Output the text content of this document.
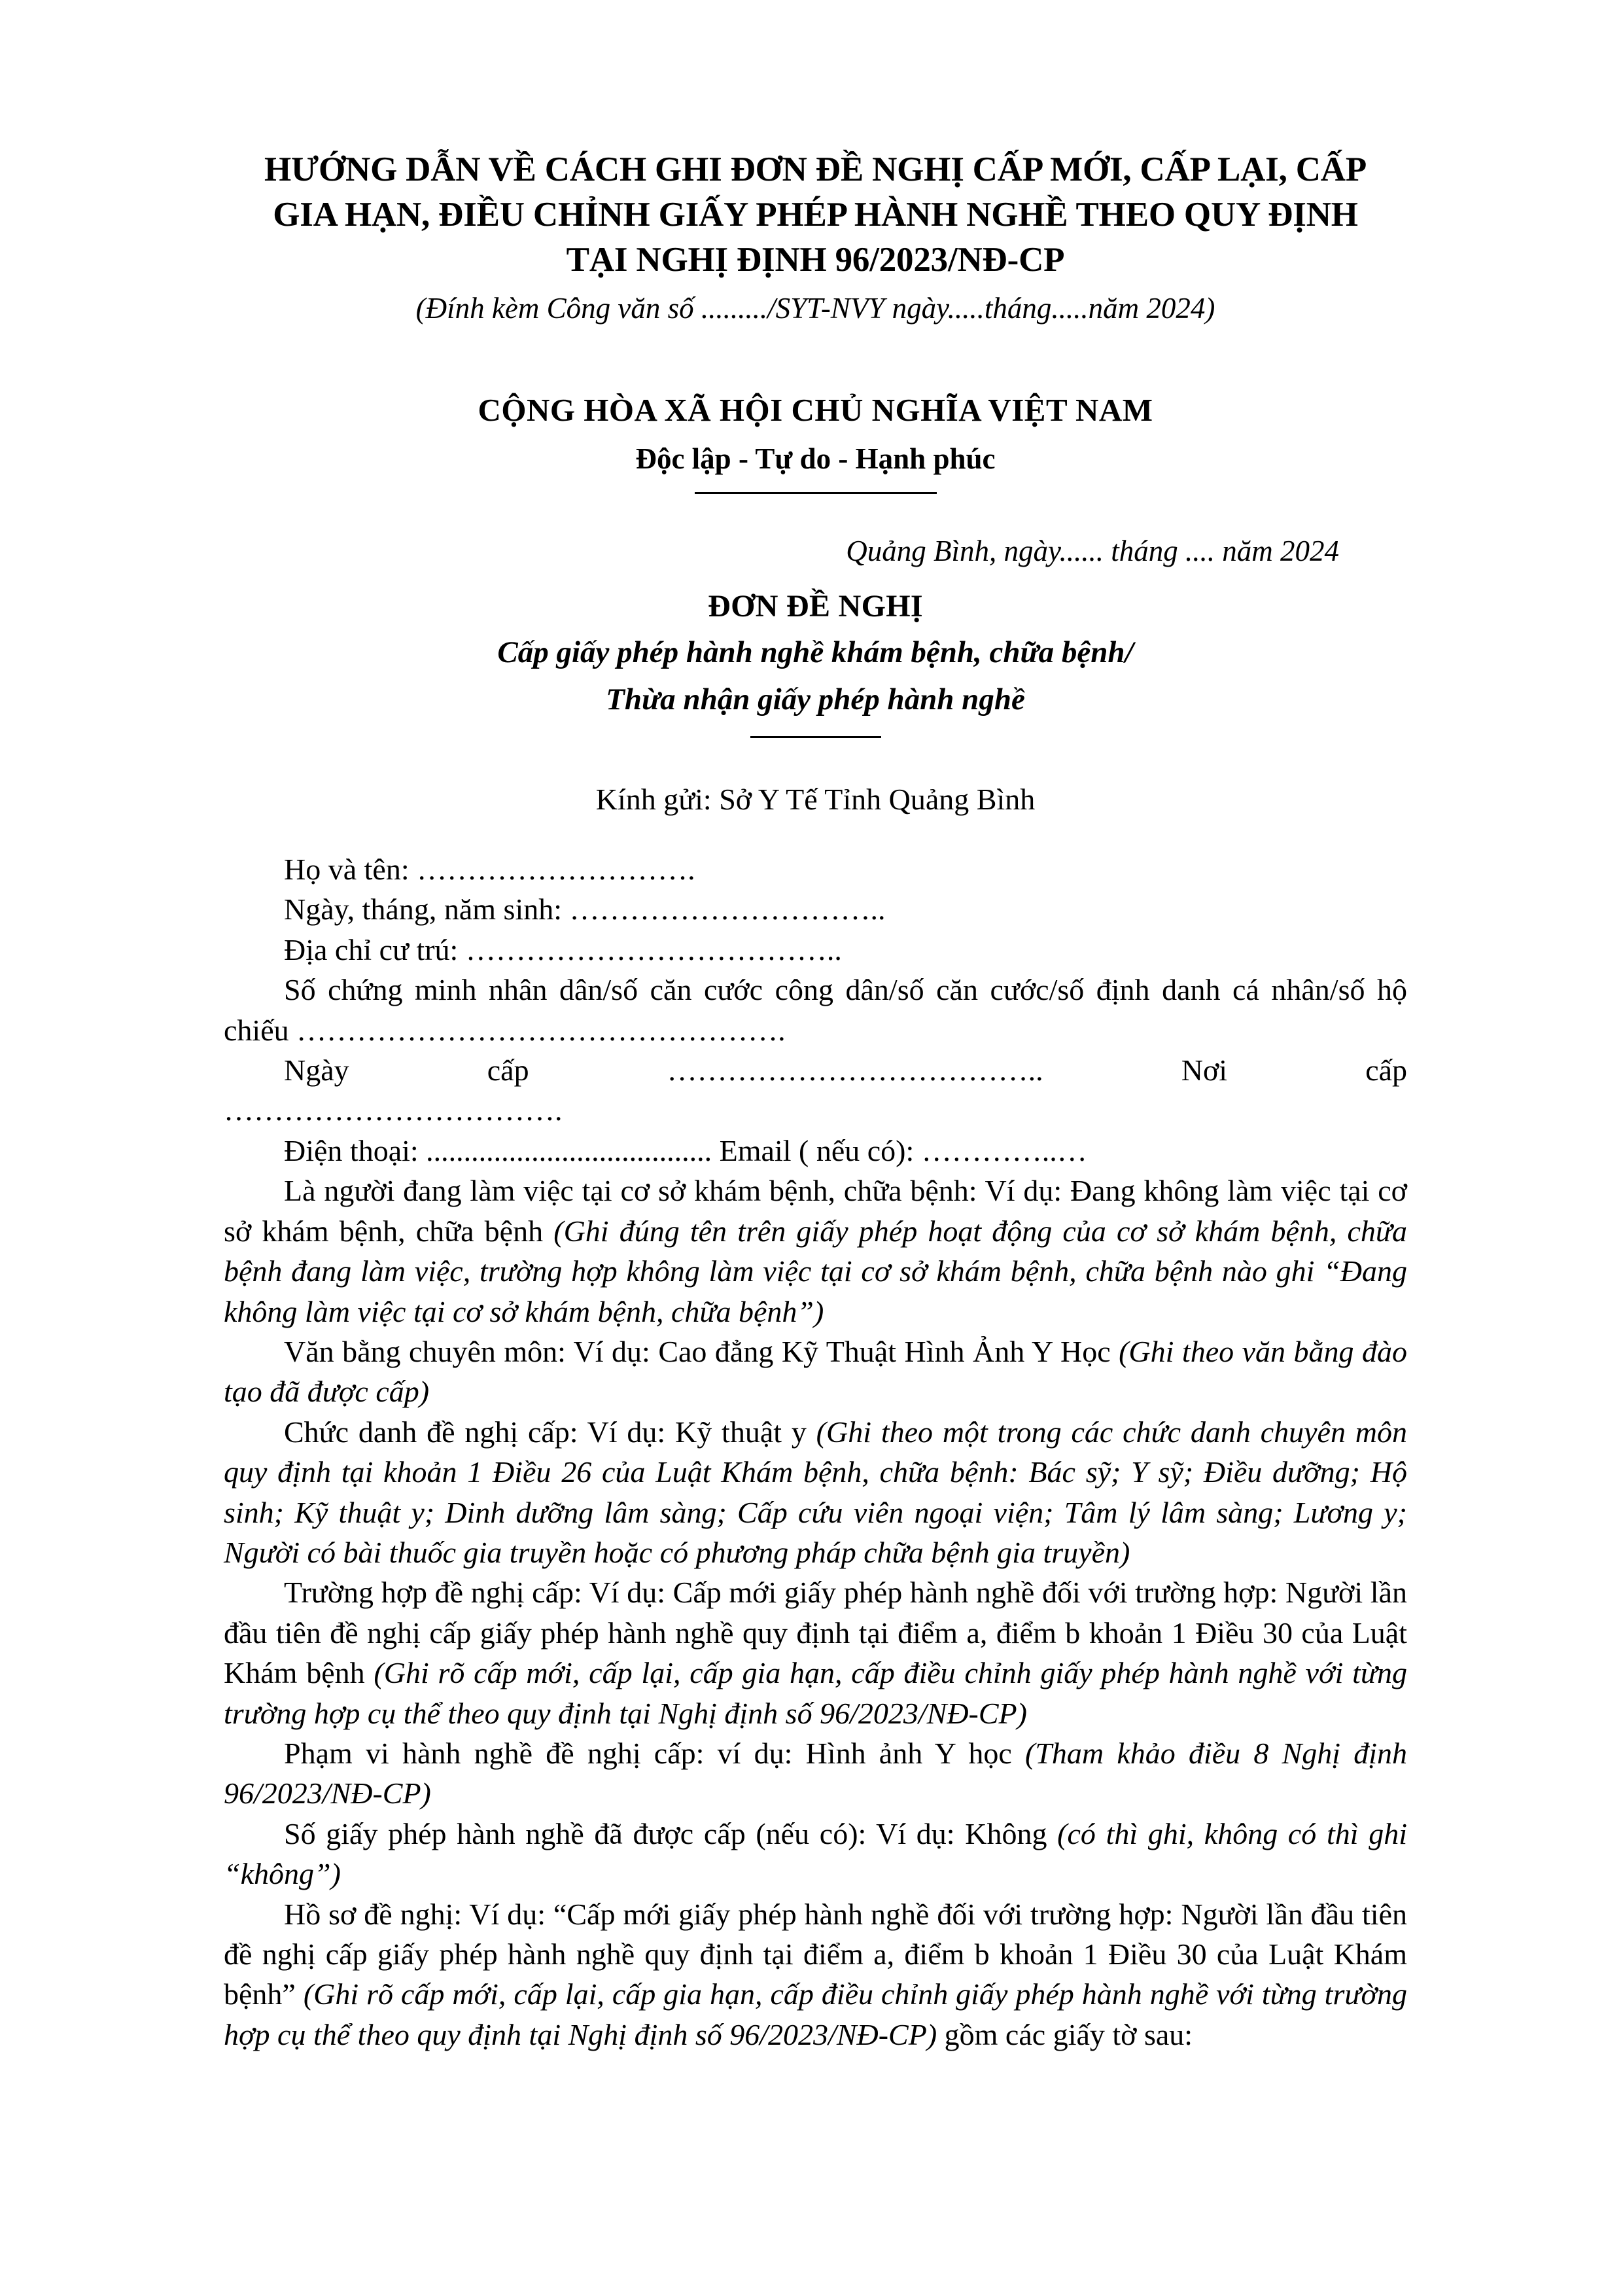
HƯỚNG DẪN VỀ CÁCH GHI ĐƠN ĐỀ NGHỊ CẤP MỚI, CẤP LẠI, CẤP
GIA HẠN, ĐIỀU CHỈNH GIẤY PHÉP HÀNH NGHỀ THEO QUY ĐỊNH
TẠI NGHỊ ĐỊNH 96/2023/NĐ-CP
(Đính kèm Công văn số ........./SYT-NVY ngày.....tháng.....năm 2024)
CỘNG HÒA XÃ HỘI CHỦ NGHĨA VIỆT NAM
Độc lập - Tự do - Hạnh phúc
Quảng Bình, ngày...... tháng .... năm 2024
ĐƠN ĐỀ NGHỊ
Cấp giấy phép hành nghề khám bệnh, chữa bệnh/
Thừa nhận giấy phép hành nghề
Kính gửi: Sở Y Tế Tỉnh Quảng Bình

Họ và tên: ……………………….

Ngày, tháng, năm sinh: …………………………..

Địa chỉ cư trú: ………………………………..

Số chứng minh nhân dân/số căn cước công dân/số căn cước/số định danh cá nhân/số hộ chiếu ………………………………………….

Ngày	cấp	………………………………..	Nơi	cấp

…………………………….

Điện thoại: ...................................... Email ( nếu có): …………..…

Là người đang làm việc tại cơ sở khám bệnh, chữa bệnh: Ví dụ: Đang không làm việc tại cơ sở khám bệnh, chữa bệnh (Ghi đúng tên trên giấy phép hoạt động của cơ sở khám bệnh, chữa bệnh đang làm việc, trường hợp không làm việc tại cơ sở khám bệnh, chữa bệnh nào ghi “Đang không làm việc tại cơ sở khám bệnh, chữa bệnh”)

Văn bằng chuyên môn: Ví dụ: Cao đẳng Kỹ Thuật Hình Ảnh Y Học (Ghi theo văn bằng đào tạo đã được cấp)

Chức danh đề nghị cấp: Ví dụ: Kỹ thuật y (Ghi theo một trong các chức danh chuyên môn quy định tại khoản 1 Điều 26 của Luật Khám bệnh, chữa bệnh: Bác sỹ; Y sỹ; Điều dưỡng; Hộ sinh; Kỹ thuật y; Dinh dưỡng lâm sàng; Cấp cứu viên ngoại viện; Tâm lý lâm sàng; Lương y; Người có bài thuốc gia truyền hoặc có phương pháp chữa bệnh gia truyền)

Trường hợp đề nghị cấp: Ví dụ: Cấp mới giấy phép hành nghề đối với trường hợp: Người lần đầu tiên đề nghị cấp giấy phép hành nghề quy định tại điểm a, điểm b khoản 1 Điều 30 của Luật Khám bệnh (Ghi rõ cấp mới, cấp lại, cấp gia hạn, cấp điều chỉnh giấy phép hành nghề với từng trường hợp cụ thể theo quy định tại Nghị định số 96/2023/NĐ-CP)

Phạm vi hành nghề đề nghị cấp: ví dụ: Hình ảnh Y học (Tham khảo điều 8 Nghị định 96/2023/NĐ-CP)

Số giấy phép hành nghề đã được cấp (nếu có): Ví dụ: Không (có thì ghi, không có thì ghi “không”)

Hồ sơ đề nghị: Ví dụ: “Cấp mới giấy phép hành nghề đối với trường hợp: Người lần đầu tiên đề nghị cấp giấy phép hành nghề quy định tại điểm a, điểm b khoản 1 Điều 30 của Luật Khám bệnh” (Ghi rõ cấp mới, cấp lại, cấp gia hạn, cấp điều chỉnh giấy phép hành nghề với từng trường hợp cụ thể theo quy định tại Nghị định số 96/2023/NĐ-CP) gồm các giấy tờ sau:
